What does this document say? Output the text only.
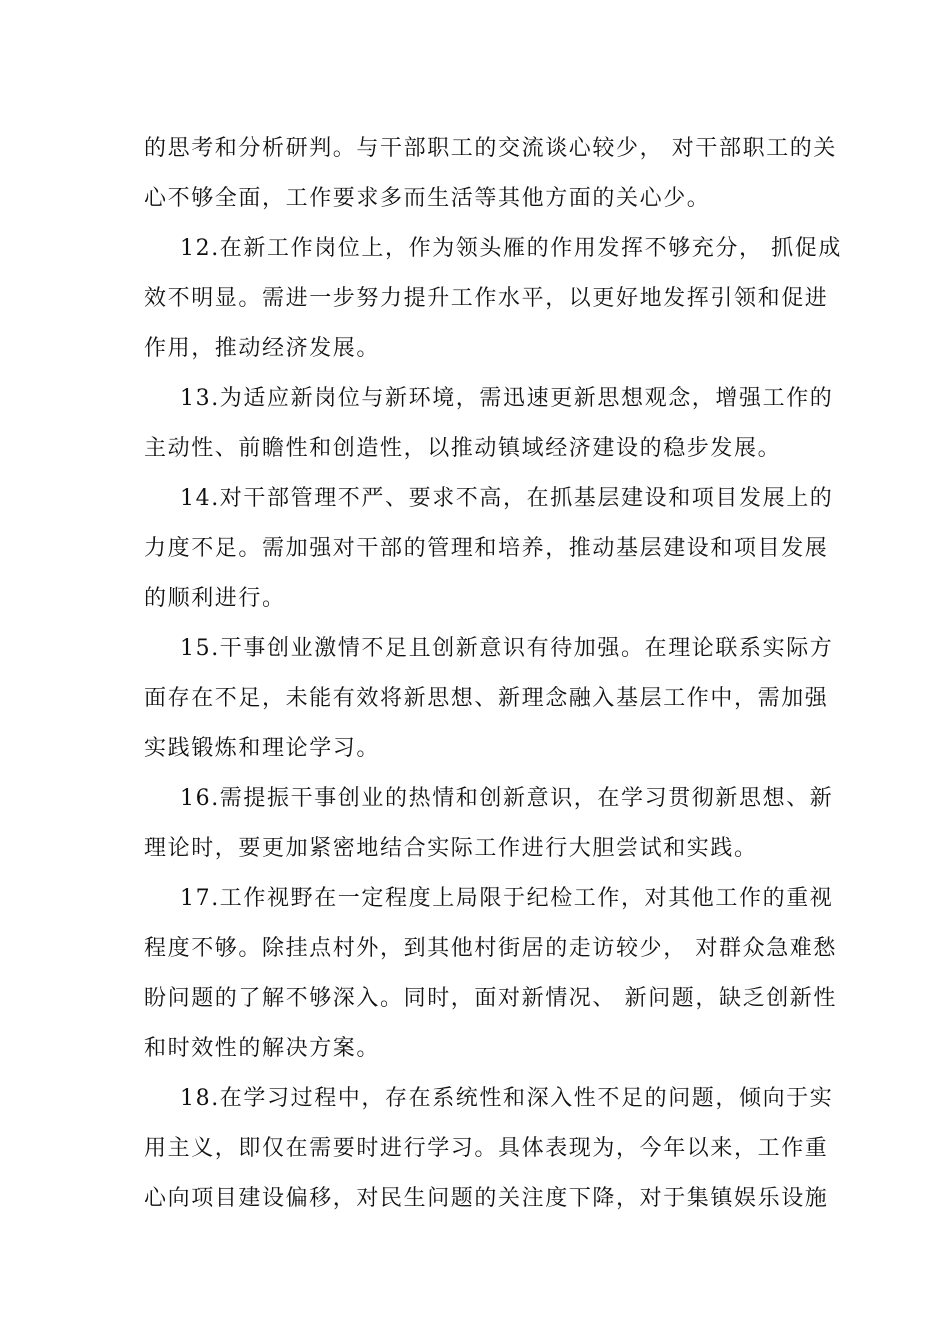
的思考和分析研判。与干部职工的交流谈心较少， 对干部职工的关
心不够全面，工作要求多而生活等其他方面的关心少。
12.在新工作岗位上，作为领头雁的作用发挥不够充分， 抓促成
效不明显。需进一步努力提升工作水平，以更好地发挥引领和促进
作用，推动经济发展。
13.为适应新岗位与新环境，需迅速更新思想观念，增强工作的
主动性、前瞻性和创造性，以推动镇域经济建设的稳步发展。
14.对干部管理不严、要求不高，在抓基层建设和项目发展上的
力度不足。需加强对干部的管理和培养，推动基层建设和项目发展
的顺利进行。
15.干事创业激情不足且创新意识有待加强。在理论联系实际方
面存在不足，未能有效将新思想、新理念融入基层工作中，需加强
实践锻炼和理论学习。
16.需提振干事创业的热情和创新意识，在学习贯彻新思想、新
理论时，要更加紧密地结合实际工作进行大胆尝试和实践。
17.工作视野在一定程度上局限于纪检工作，对其他工作的重视
程度不够。除挂点村外，到其他村街居的走访较少， 对群众急难愁
盼问题的了解不够深入。同时，面对新情况、 新问题，缺乏创新性
和时效性的解决方案。
18.在学习过程中，存在系统性和深入性不足的问题，倾向于实
用主义，即仅在需要时进行学习。具体表现为，今年以来，工作重
心向项目建设偏移，对民生问题的关注度下降，对于集镇娱乐设施
